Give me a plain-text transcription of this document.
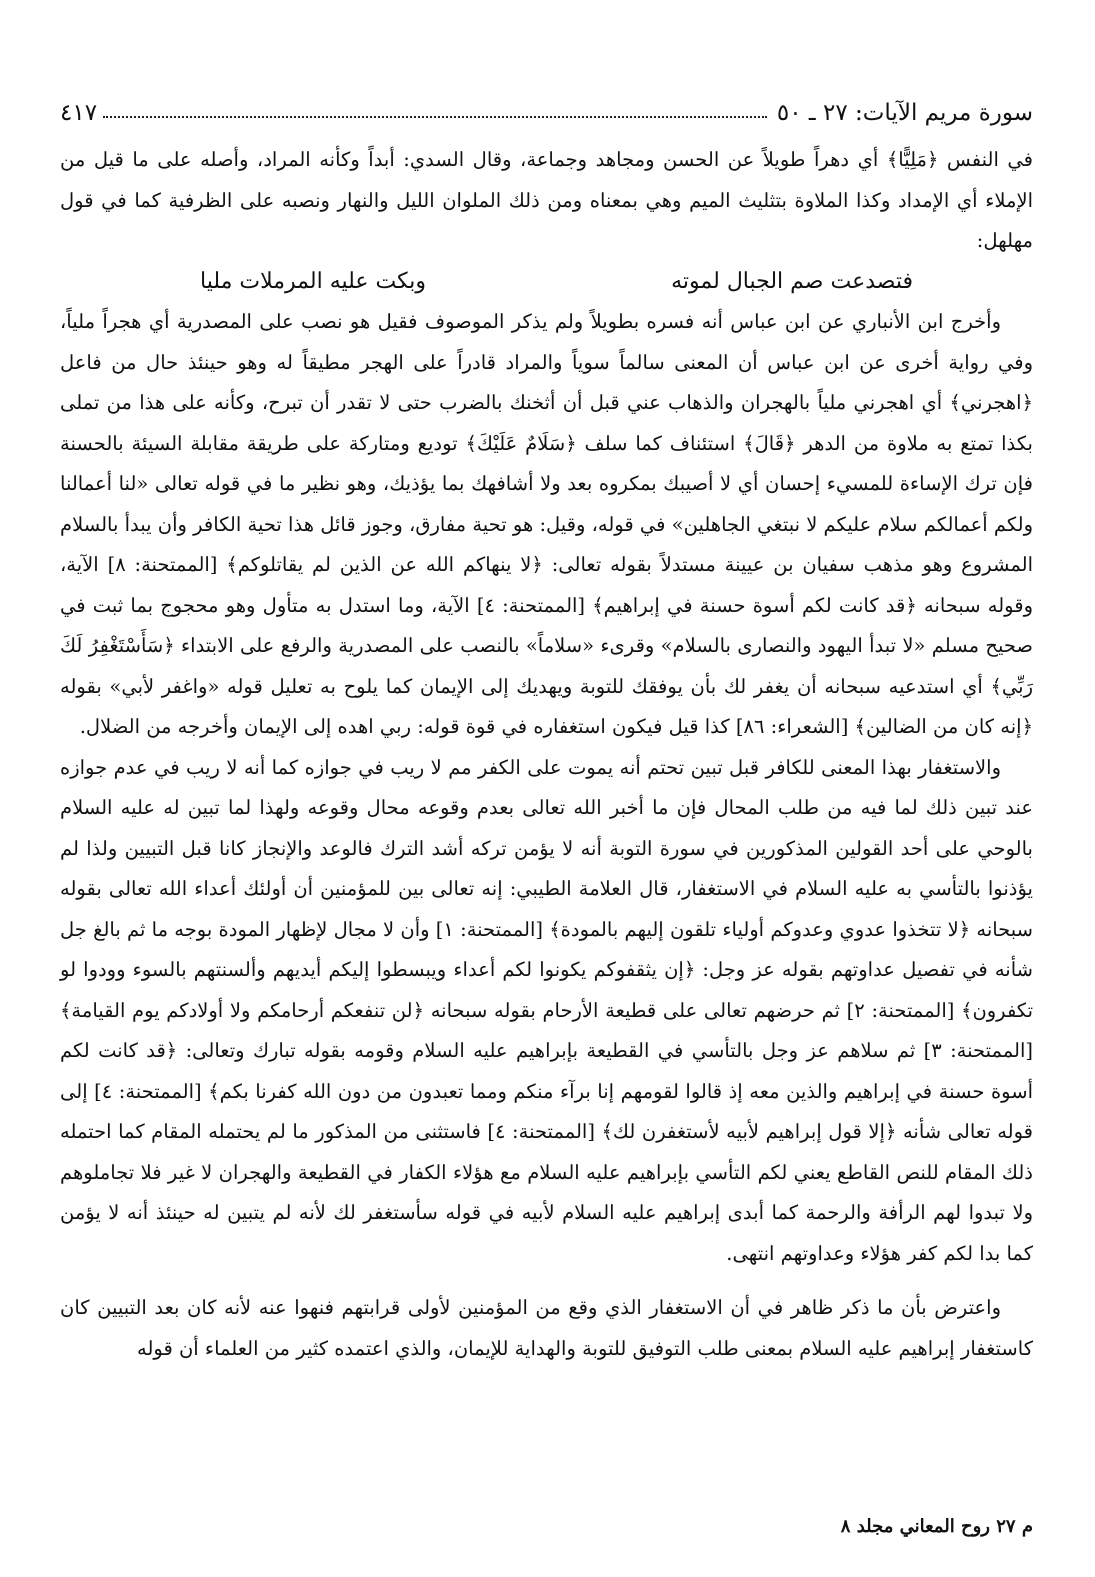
سورة مريم الآيات: ٢٧ ـ ٥٠
٤١٧

في النفس ﴿مَلِيًّا﴾ أي دهراً طويلاً عن الحسن ومجاهد وجماعة، وقال السدي: أبداً وكأنه المراد، وأصله على ما قيل من الإملاء أي الإمداد وكذا الملاوة بتثليث الميم وهي بمعناه ومن ذلك الملوان الليل والنهار ونصبه على الظرفية كما في قول مهلهل:

فتصدعت صم الجبال لموته
وبكت عليه المرملات مليا

وأخرج ابن الأنباري عن ابن عباس أنه فسره بطويلاً ولم يذكر الموصوف فقيل هو نصب على المصدرية أي هجراً ملياً، وفي رواية أخرى عن ابن عباس أن المعنى سالماً سوياً والمراد قادراً على الهجر مطيقاً له وهو حينئذ حال من فاعل ﴿اهجرني﴾ أي اهجرني ملياً بالهجران والذهاب عني قبل أن أثخنك بالضرب حتى لا تقدر أن تبرح، وكأنه على هذا من تملى بكذا تمتع به ملاوة من الدهر ﴿قَالَ﴾ استئناف كما سلف ﴿سَلَامٌ عَلَيْكَ﴾ توديع ومتاركة على طريقة مقابلة السيئة بالحسنة فإن ترك الإساءة للمسيء إحسان أي لا أصيبك بمكروه بعد ولا أشافهك بما يؤذيك، وهو نظير ما في قوله تعالى «لنا أعمالنا ولكم أعمالكم سلام عليكم لا نبتغي الجاهلين» في قوله، وقيل: هو تحية مفارق، وجوز قائل هذا تحية الكافر وأن يبدأ بالسلام المشروع وهو مذهب سفيان بن عيينة مستدلاً بقوله تعالى: ﴿لا ينهاكم الله عن الذين لم يقاتلوكم﴾ [الممتحنة: ٨] الآية، وقوله سبحانه ﴿قد كانت لكم أسوة حسنة في إبراهيم﴾ [الممتحنة: ٤] الآية، وما استدل به متأول وهو محجوج بما ثبت في صحيح مسلم «لا تبدأ اليهود والنصارى بالسلام» وقرىء «سلاماً» بالنصب على المصدرية والرفع على الابتداء ﴿سَأَسْتَغْفِرُ لَكَ رَبِّي﴾ أي استدعيه سبحانه أن يغفر لك بأن يوفقك للتوبة ويهديك إلى الإيمان كما يلوح به تعليل قوله «واغفر لأبي» بقوله ﴿إنه كان من الضالين﴾ [الشعراء: ٨٦] كذا قيل فيكون استغفاره في قوة قوله: ربي اهده إلى الإيمان وأخرجه من الضلال.

والاستغفار بهذا المعنى للكافر قبل تبين تحتم أنه يموت على الكفر مم لا ريب في جوازه كما أنه لا ريب في عدم جوازه عند تبين ذلك لما فيه من طلب المحال فإن ما أخبر الله تعالى بعدم وقوعه محال وقوعه ولهذا لما تبين له عليه السلام بالوحي على أحد القولين المذكورين في سورة التوبة أنه لا يؤمن تركه أشد الترك فالوعد والإنجاز كانا قبل التبيين ولذا لم يؤذنوا بالتأسي به عليه السلام في الاستغفار، قال العلامة الطيبي: إنه تعالى بين للمؤمنين أن أولئك أعداء الله تعالى بقوله سبحانه ﴿لا تتخذوا عدوي وعدوكم أولياء تلقون إليهم بالمودة﴾ [الممتحنة: ١] وأن لا مجال لإظهار المودة بوجه ما ثم بالغ جل شأنه في تفصيل عداوتهم بقوله عز وجل: ﴿إن يثقفوكم يكونوا لكم أعداء ويبسطوا إليكم أيديهم وألسنتهم بالسوء وودوا لو تكفرون﴾ [الممتحنة: ٢] ثم حرضهم تعالى على قطيعة الأرحام بقوله سبحانه ﴿لن تنفعكم أرحامكم ولا أولادكم يوم القيامة﴾ [الممتحنة: ٣] ثم سلاهم عز وجل بالتأسي في القطيعة بإبراهيم عليه السلام وقومه بقوله تبارك وتعالى: ﴿قد كانت لكم أسوة حسنة في إبراهيم والذين معه إذ قالوا لقومهم إنا برآء منكم ومما تعبدون من دون الله كفرنا بكم﴾ [الممتحنة: ٤] إلى قوله تعالى شأنه ﴿إلا قول إبراهيم لأبيه لأستغفرن لك﴾ [الممتحنة: ٤] فاستثنى من المذكور ما لم يحتمله المقام كما احتمله ذلك المقام للنص القاطع يعني لكم التأسي بإبراهيم عليه السلام مع هؤلاء الكفار في القطيعة والهجران لا غير فلا تجاملوهم ولا تبدوا لهم الرأفة والرحمة كما أبدى إبراهيم عليه السلام لأبيه في قوله سأستغفر لك لأنه لم يتبين له حينئذ أنه لا يؤمن كما بدا لكم كفر هؤلاء وعداوتهم انتهى.

واعترض بأن ما ذكر ظاهر في أن الاستغفار الذي وقع من المؤمنين لأولى قرابتهم فنهوا عنه لأنه كان بعد التبيين كان كاستغفار إبراهيم عليه السلام بمعنى طلب التوفيق للتوبة والهداية للإيمان، والذي اعتمده كثير من العلماء أن قوله

م ٢٧ روح المعاني مجلد ٨
